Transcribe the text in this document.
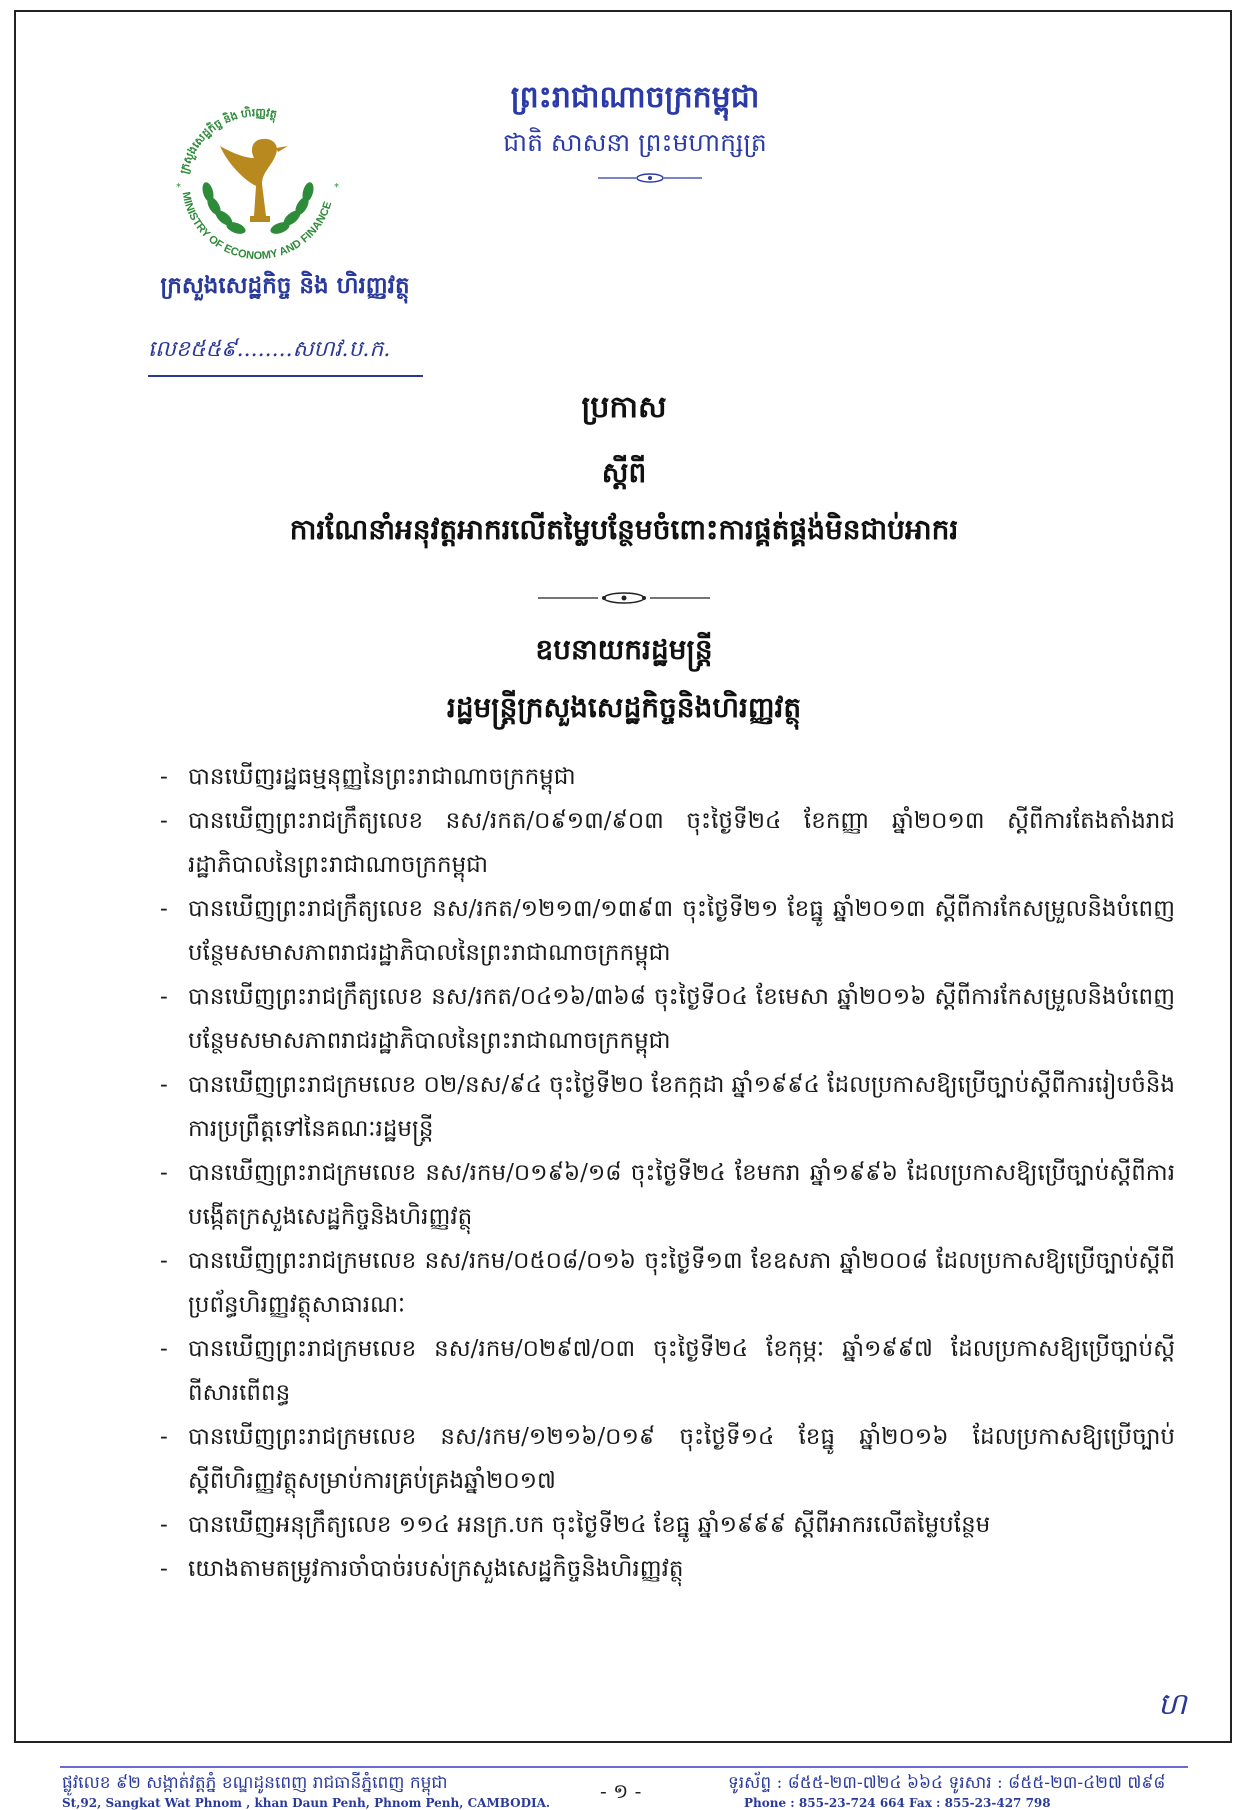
ក្រសួងសេដ្ឋកិច្ច និង ហិរញ្ញវត្ថុ
MINISTRY OF ECONOMY AND FINANCE
*	*
ក្រសួងសេដ្ឋកិច្ច និង ហិរញ្ញវត្ថុ
លេខ៥៥៩........សហវ.ប.ក.
ព្រះរាជាណាចក្រកម្ពុជា
ជាតិ សាសនា ព្រះមហាក្សត្រ
ប្រកាស
ស្តីពី
ការណែនាំអនុវត្តអាករលើតម្លៃបន្ថែមចំពោះការផ្គត់ផ្គង់មិនជាប់អាករ
ឧបនាយករដ្ឋមន្ត្រី
រដ្ឋមន្ត្រីក្រសួងសេដ្ឋកិច្ចនិងហិរញ្ញវត្ថុ
- បានឃើញរដ្ឋធម្មនុញ្ញនៃព្រះរាជាណាចក្រកម្ពុជា
- បានឃើញព្រះរាជក្រឹត្យលេខ នស/រកត/០៩១៣/៩០៣ ចុះថ្ងៃទី២៤ ខែកញ្ញា ឆ្នាំ២០១៣ ស្តីពីការតែងតាំងរាជរដ្ឋាភិបាលនៃព្រះរាជាណាចក្រកម្ពុជា
- បានឃើញព្រះរាជក្រឹត្យលេខ នស/រកត/១២១៣/១៣៩៣ ចុះថ្ងៃទី២១ ខែធ្នូ ឆ្នាំ២០១៣ ស្តីពីការកែសម្រួលនិងបំពេញបន្ថែមសមាសភាពរាជរដ្ឋាភិបាលនៃព្រះរាជាណាចក្រកម្ពុជា
- បានឃើញព្រះរាជក្រឹត្យលេខ នស/រកត/០៤១៦/៣៦៨ ចុះថ្ងៃទី០៤ ខែមេសា ឆ្នាំ២០១៦ ស្តីពីការកែសម្រួលនិងបំពេញបន្ថែមសមាសភាពរាជរដ្ឋាភិបាលនៃព្រះរាជាណាចក្រកម្ពុជា
- បានឃើញព្រះរាជក្រមលេខ ០២/នស/៩៤ ចុះថ្ងៃទី២០ ខែកក្កដា ឆ្នាំ១៩៩៤ ដែលប្រកាសឱ្យប្រើច្បាប់ស្តីពីការរៀបចំនិងការប្រព្រឹត្តទៅនៃគណៈរដ្ឋមន្ត្រី
- បានឃើញព្រះរាជក្រមលេខ នស/រកម/០១៩៦/១៨ ចុះថ្ងៃទី២៤ ខែមករា ឆ្នាំ១៩៩៦ ដែលប្រកាសឱ្យប្រើច្បាប់ស្តីពីការបង្កើតក្រសួងសេដ្ឋកិច្ចនិងហិរញ្ញវត្ថុ
- បានឃើញព្រះរាជក្រមលេខ នស/រកម/០៥០៨/០១៦ ចុះថ្ងៃទី១៣ ខែឧសភា ឆ្នាំ២០០៨ ដែលប្រកាសឱ្យប្រើច្បាប់ស្តីពីប្រព័ន្ធហិរញ្ញវត្ថុសាធារណៈ
- បានឃើញព្រះរាជក្រមលេខ នស/រកម/០២៩៧/០៣ ចុះថ្ងៃទី២៤ ខែកុម្ភៈ ឆ្នាំ១៩៩៧ ដែលប្រកាសឱ្យប្រើច្បាប់ស្តីពីសារពើពន្ធ
- បានឃើញព្រះរាជក្រមលេខ នស/រកម/១២១៦/០១៩ ចុះថ្ងៃទី១៤ ខែធ្នូ ឆ្នាំ២០១៦ ដែលប្រកាសឱ្យប្រើច្បាប់ស្តីពីហិរញ្ញវត្ថុសម្រាប់ការគ្រប់គ្រងឆ្នាំ២០១៧
- បានឃើញអនុក្រឹត្យលេខ ១១៤ អនក្រ.បក ចុះថ្ងៃទី២៤ ខែធ្នូ ឆ្នាំ១៩៩៩ ស្តីពីអាករលើតម្លៃបន្ថែម
- យោងតាមតម្រូវការចាំបាច់របស់ក្រសួងសេដ្ឋកិច្ចនិងហិរញ្ញវត្ថុ
ហ
ផ្លូវលេខ ៩២ សង្កាត់វត្តភ្នំ ខណ្ឌដូនពេញ រាជធានីភ្នំពេញ កម្ពុជា
St,92, Sangkat Wat Phnom , khan Daun Penh, Phnom Penh, CAMBODIA. - ១ -	ទូរស័ព្ទ : ៨៥៥-២៣-៧២៤ ៦៦៤ ទូរសារ : ៨៥៥-២៣-៤២៧ ៧៩៨
Phone : 855-23-724 664 Fax : 855-23-427 798
